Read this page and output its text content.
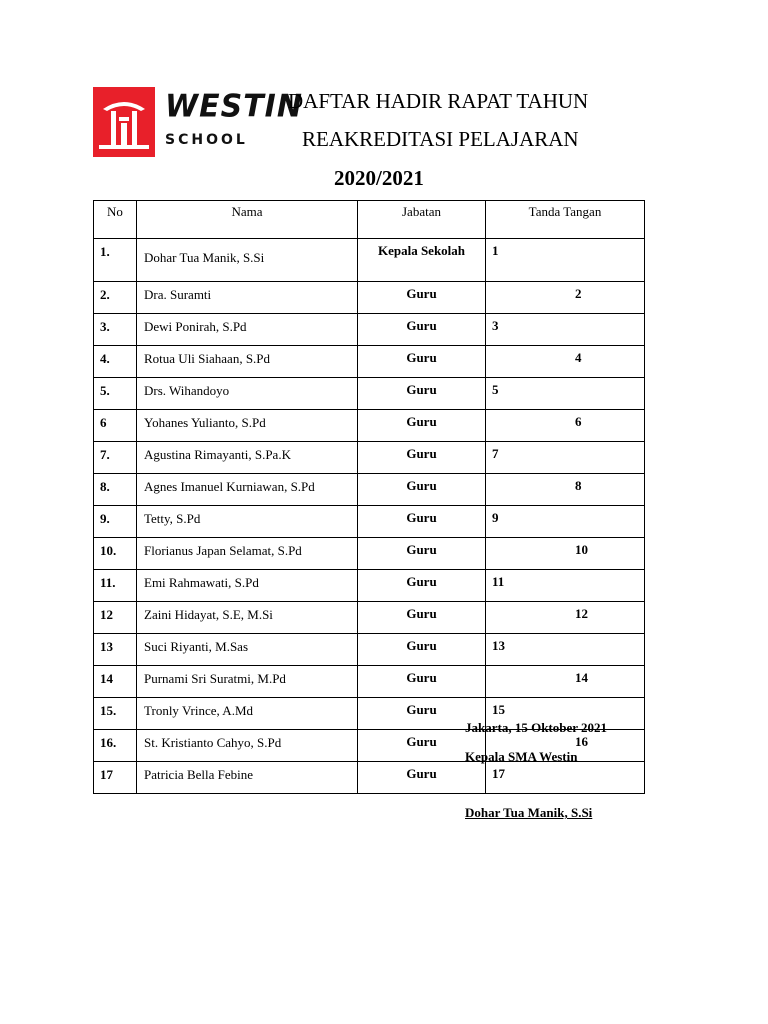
WESTIN
SCHOOL
DAFTAR HADIR RAPAT TAHUN
REAKREDITASI PELAJARAN
2020/2021
No	Nama	Jabatan	Tanda Tangan
1.	Dohar Tua Manik, S.Si	Kepala Sekolah	1
2.	Dra. Suramti	Guru	2
3.	Dewi Ponirah, S.Pd	Guru	3
4.	Rotua Uli Siahaan, S.Pd	Guru	4
5.	Drs. Wihandoyo	Guru	5
6	Yohanes Yulianto, S.Pd	Guru	6
7.	Agustina Rimayanti, S.Pa.K	Guru	7
8.	Agnes Imanuel Kurniawan, S.Pd	Guru	8
9.	Tetty, S.Pd	Guru	9
10.	Florianus Japan Selamat, S.Pd	Guru	10
11.	Emi Rahmawati, S.Pd	Guru	11
12	Zaini Hidayat, S.E, M.Si	Guru	12
13	Suci Riyanti, M.Sas	Guru	13
14	Purnami Sri Suratmi, M.Pd	Guru	14
15.	Tronly Vrince, A.Md	Guru	15
16.	St. Kristianto Cahyo, S.Pd	Guru	16
17	Patricia Bella Febine	Guru	17
Jakarta, 15 Oktober 2021
Kepala SMA Westin
Dohar Tua Manik, S.Si
